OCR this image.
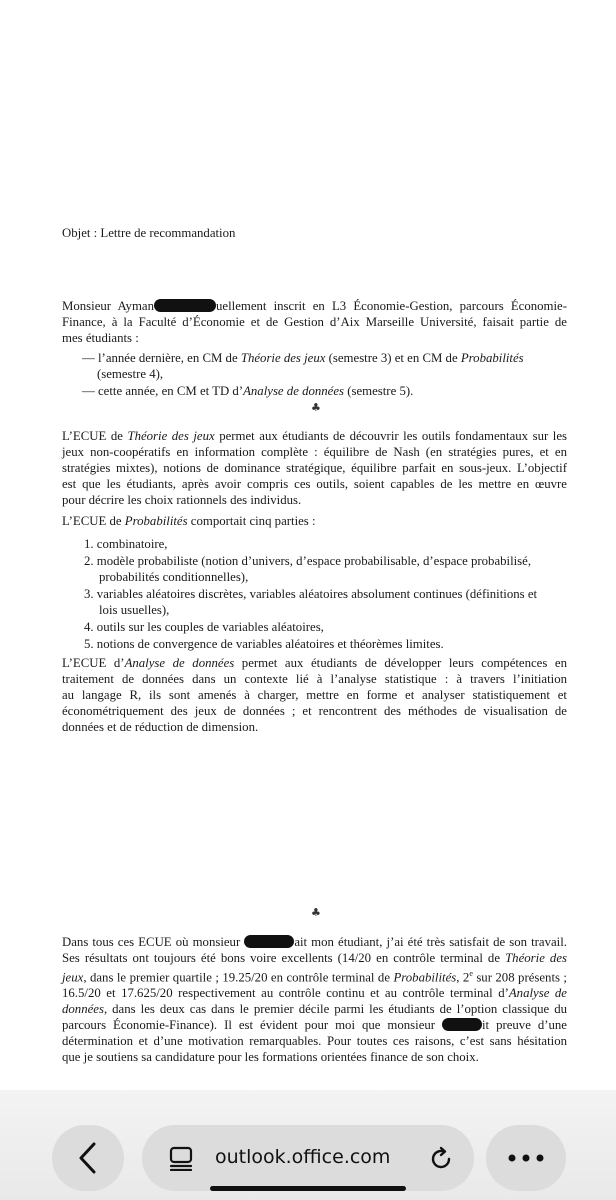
Objet : Lettre de recommandation
Monsieur Ayman	uellement inscrit en L3 Économie-Gestion, parcours Économie-
Finance, à la Faculté d’Économie et de Gestion d’Aix Marseille Université, faisait partie de
mes étudiants :
— l’année dernière, en CM de Théorie des jeux (semestre 3) et en CM de Probabilités
(semestre 4),
— cette année, en CM et TD d’Analyse de données (semestre 5).
♣
L’ECUE de Théorie des jeux permet aux étudiants de découvrir les outils fondamentaux sur les
jeux non-coopératifs en information complète : équilibre de Nash (en stratégies pures, et en
stratégies mixtes), notions de dominance stratégique, équilibre parfait en sous-jeux. L’objectif
est que les étudiants, après avoir compris ces outils, soient capables de les mettre en œuvre
pour décrire les choix rationnels des individus.
L’ECUE de Probabilités comportait cinq parties :
1. combinatoire,
2. modèle probabiliste (notion d’univers, d’espace probabilisable, d’espace probabilisé,
probabilités conditionnelles),
3. variables aléatoires discrètes, variables aléatoires absolument continues (définitions et
lois usuelles),
4. outils sur les couples de variables aléatoires,
5. notions de convergence de variables aléatoires et théorèmes limites.
L’ECUE d’Analyse de données permet aux étudiants de développer leurs compétences en
traitement de données dans un contexte lié à l’analyse statistique : à travers l’initiation
au langage R, ils sont amenés à charger, mettre en forme et analyser statistiquement et
économétriquement des jeux de données ; et rencontrent des méthodes de visualisation de
données et de réduction de dimension.
♣
Dans tous ces ECUE où monsieur	ait mon étudiant, j’ai été très satisfait de son travail.
Ses résultats ont toujours été bons voire excellents (14/20 en contrôle terminal de Théorie des
jeux, dans le premier quartile ; 19.25/20 en contrôle terminal de Probabilités, 2e sur 208 présents ;
16.5/20 et 17.625/20 respectivement au contrôle continu et au contrôle terminal d’Analyse de
données, dans les deux cas dans le premier décile parmi les étudiants de l’option classique du
parcours Économie-Finance). Il est évident pour moi que monsieur	it preuve d’une
détermination et d’une motivation remarquables. Pour toutes ces raisons, c’est sans hésitation
que je soutiens sa candidature pour les formations orientées finance de son choix.
outlook.office.com
